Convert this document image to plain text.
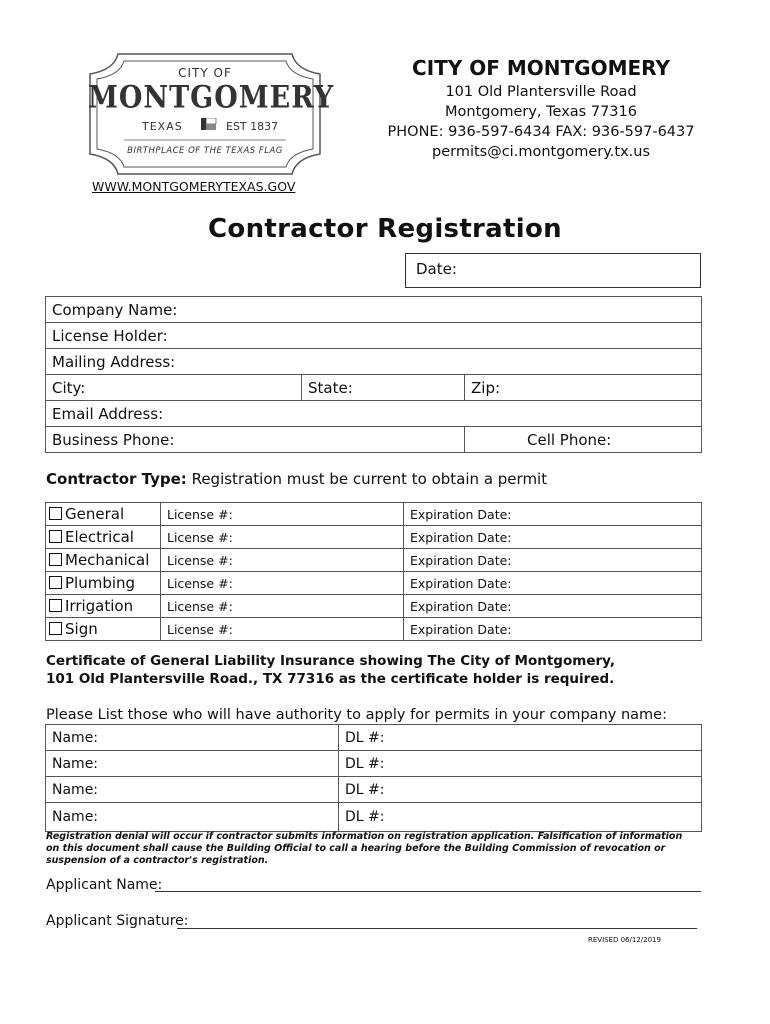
CITY OF
MONTGOMERY
TEXAS	EST 1837
BIRTHPLACE OF THE TEXAS FLAG
WWW.MONTGOMERYTEXAS.GOV
CITY OF MONTGOMERY
101 Old Plantersville Road
Montgomery, Texas 77316
PHONE: 936-597-6434 FAX: 936-597-6437
permits@ci.montgomery.tx.us
Contractor Registration
Date:
Company Name:		
License Holder:		
Mailing Address:		
City:	State:	Zip:
Email Address:		
Business Phone:		Cell Phone:
Contractor Type: Registration must be current to obtain a permit
General	License #:	Expiration Date:
Electrical	License #:	Expiration Date:
Mechanical	License #:	Expiration Date:
Plumbing	License #:	Expiration Date:
Irrigation	License #:	Expiration Date:
Sign	License #:	Expiration Date:
Certificate of General Liability Insurance showing The City of Montgomery,
101 Old Plantersville Road., TX 77316 as the certificate holder is required.
Please List those who will have authority to apply for permits in your company name:
Name:	DL #:
Name:	DL #:
Name:	DL #:
Name:	DL #:
Registration denial will occur if contractor submits information on registration application. Falsification of information on this document shall cause the Building Official to call a hearing before the Building Commission of revocation or suspension of a contractor's registration.
Applicant Name:
Applicant Signature:
REVISED 06/12/2019
